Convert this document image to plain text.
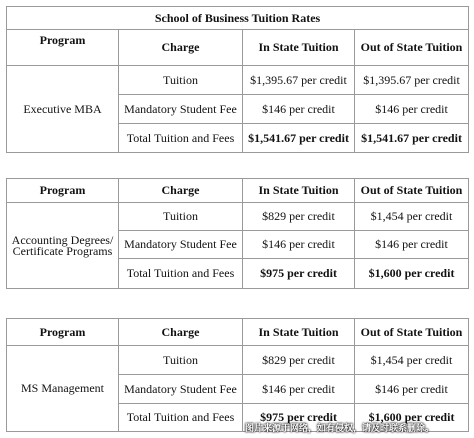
School of Business Tuition Rates			
Program	Charge	In State Tuition	Out of State Tuition
Executive MBA	Tuition	$1,395.67 per credit	$1,395.67 per credit
	Mandatory Student Fee	$146 per credit	$146 per credit
	Total Tuition and Fees	$1,541.67 per credit	$1,541.67 per credit
Program	Charge	In State Tuition	Out of State Tuition

Accounting Degrees/
Certificate Programs	Tuition	$829 per credit	$1,454 per credit
	Mandatory Student Fee	$146 per credit	$146 per credit
	Total Tuition and Fees	$975 per credit	$1,600 per credit
Program	Charge	In State Tuition	Out of State Tuition
MS Management	Tuition	$829 per credit	$1,454 per credit
	Mandatory Student Fee	$146 per credit	$146 per credit
	Total Tuition and Fees	$975 per credit	$1,600 per credit
图片来源于网络，如有侵权，请及时联系删除。
